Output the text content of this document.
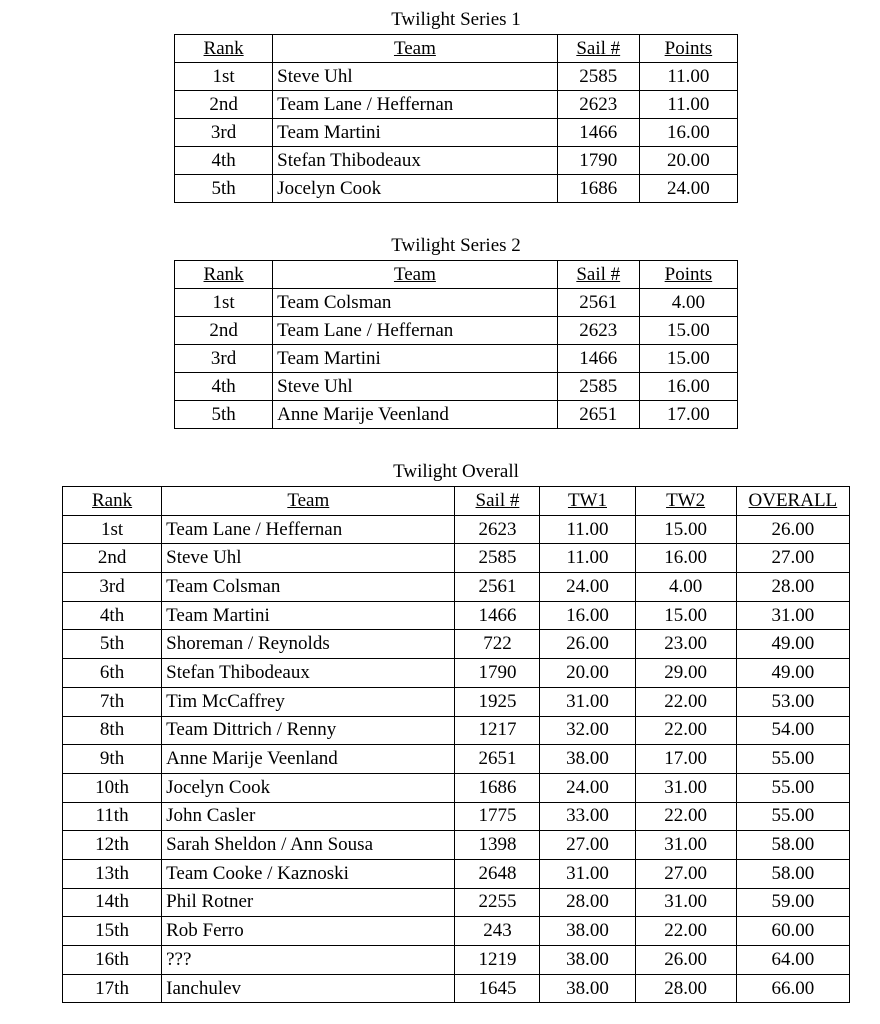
Twilight Series 1
Rank	Team	Sail #	Points
1st	Steve Uhl	2585	11.00
2nd	Team Lane / Heffernan	2623	11.00
3rd	Team Martini	1466	16.00
4th	Stefan Thibodeaux	1790	20.00
5th	Jocelyn Cook	1686	24.00
Twilight Series 2
Rank	Team	Sail #	Points
1st	Team Colsman	2561	4.00
2nd	Team Lane / Heffernan	2623	15.00
3rd	Team Martini	1466	15.00
4th	Steve Uhl	2585	16.00
5th	Anne Marije Veenland	2651	17.00
Twilight Overall
Rank	Team	Sail #	TW1	TW2	OVERALL
1st	Team Lane / Heffernan	2623	11.00	15.00	26.00
2nd	Steve Uhl	2585	11.00	16.00	27.00
3rd	Team Colsman	2561	24.00	4.00	28.00
4th	Team Martini	1466	16.00	15.00	31.00
5th	Shoreman / Reynolds	722	26.00	23.00	49.00
6th	Stefan Thibodeaux	1790	20.00	29.00	49.00
7th	Tim McCaffrey	1925	31.00	22.00	53.00
8th	Team Dittrich / Renny	1217	32.00	22.00	54.00
9th	Anne Marije Veenland	2651	38.00	17.00	55.00
10th	Jocelyn Cook	1686	24.00	31.00	55.00
11th	John Casler	1775	33.00	22.00	55.00
12th	Sarah Sheldon / Ann Sousa	1398	27.00	31.00	58.00
13th	Team Cooke / Kaznoski	2648	31.00	27.00	58.00
14th	Phil Rotner	2255	28.00	31.00	59.00
15th	Rob Ferro	243	38.00	22.00	60.00
16th	???	1219	38.00	26.00	64.00
17th	Ianchulev	1645	38.00	28.00	66.00
